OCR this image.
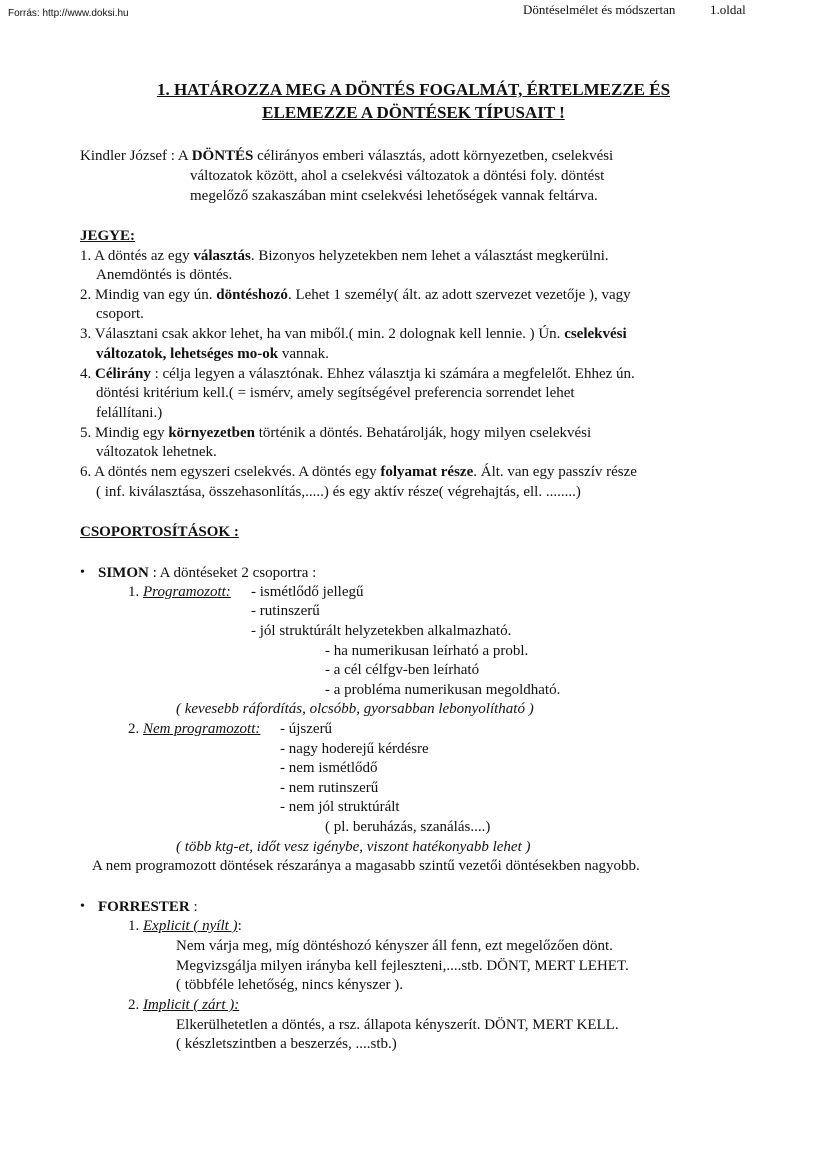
Forrás: http://www.doksi.hu	Döntéselmélet és módszertan	1.oldal
1. HATÁROZZA MEG A DÖNTÉS FOGALMÁT, ÉRTELMEZZE ÉS
ELEMEZZE A DÖNTÉSEK TÍPUSAIT !
Kindler József : A DÖNTÉS célirányos emberi választás, adott környezetben, cselekvési
változatok között, ahol a cselekvési változatok a döntési foly. döntést
megelőző szakaszában mint cselekvési lehetőségek vannak feltárva.
JEGYE:
1. A döntés az egy választás. Bizonyos helyzetekben nem lehet a választást megkerülni.
Anemdöntés is döntés.
2. Mindig van egy ún. döntéshozó. Lehet 1 személy( ált. az adott szervezet vezetője ), vagy
csoport.
3. Választani csak akkor lehet, ha van miből.( min. 2 dolognak kell lennie. ) Ún. cselekvési
változatok, lehetséges mo-ok vannak.
4. Célirány : célja legyen a választónak. Ehhez választja ki számára a megfelelőt. Ehhez ún.
döntési kritérium kell.( = ismérv, amely segítségével preferencia sorrendet lehet
felállítani.)
5. Mindig egy környezetben történik a döntés. Behatárolják, hogy milyen cselekvési
változatok lehetnek.
6. A döntés nem egyszeri cselekvés. A döntés egy folyamat része. Ált. van egy passzív része
( inf. kiválasztása, összehasonlítás,.....) és egy aktív része( végrehajtás, ell. ........)
CSOPORTOSÍTÁSOK :
• SIMON : A döntéseket 2 csoportra :
1. Programozott: - ismétlődő jellegű
- rutinszerű
- jól struktúrált helyzetekben alkalmazható.
- ha numerikusan leírható a probl.
- a cél célfgv-ben leírható
- a probléma numerikusan megoldható.
( kevesebb ráfordítás, olcsóbb, gyorsabban lebonyolítható )
2. Nem programozott: - újszerű
- nagy hoderejű kérdésre
- nem ismétlődő
- nem rutinszerű
- nem jól struktúrált
( pl. beruházás, szanálás....)
( több ktg-et, időt vesz igénybe, viszont hatékonyabb lehet )
A nem programozott döntések részaránya a magasabb szintű vezetői döntésekben nagyobb.
• FORRESTER :
1. Explicit ( nyílt ):
Nem várja meg, míg döntéshozó kényszer áll fenn, ezt megelőzően dönt.
Megvizsgálja milyen irányba kell fejleszteni,....stb. DÖNT, MERT LEHET.
( többféle lehetőség, nincs kényszer ).
2. Implicit ( zárt ):
Elkerülhetetlen a döntés, a rsz. állapota kényszerít. DÖNT, MERT KELL.
( készletszintben a beszerzés, ....stb.)
